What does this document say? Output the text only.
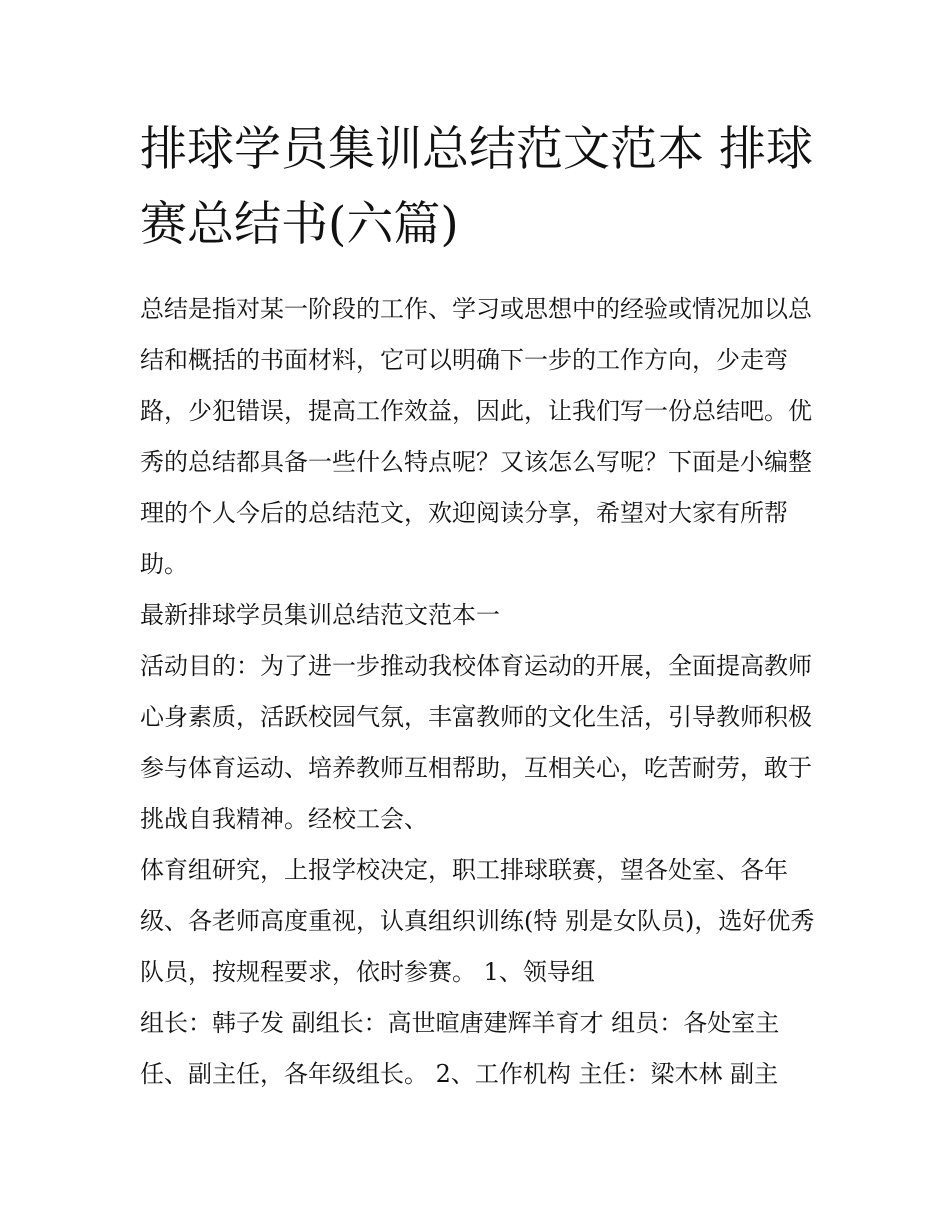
排球学员集训总结范文范本 排球赛总结书(六篇)

总结是指对某一阶段的工作、学习或思想中的经验或情况加以总结和概括的书面材料，它可以明确下一步的工作方向，少走弯路，少犯错误，提高工作效益，因此，让我们写一份总结吧。优秀的总结都具备一些什么特点呢？又该怎么写呢？下面是小编整理的个人今后的总结范文，欢迎阅读分享，希望对大家有所帮助。

最新排球学员集训总结范文范本一

活动目的：为了进一步推动我校体育运动的开展，全面提高教师心身素质，活跃校园气氛，丰富教师的文化生活，引导教师积极参与体育运动、培养教师互相帮助，互相关心，吃苦耐劳，敢于挑战自我精神。经校工会、

体育组研究，上报学校决定，职工排球联赛，望各处室、各年级、各老师高度重视，认真组织训练(特 别是女队员)，选好优秀队员，按规程要求，依时参赛。 1、领导组

组长：韩子发 副组长：高世暄唐建辉羊育才 组员：各处室主任、副主任，各年级组长。 2、工作机构 主任：梁木林 副主
